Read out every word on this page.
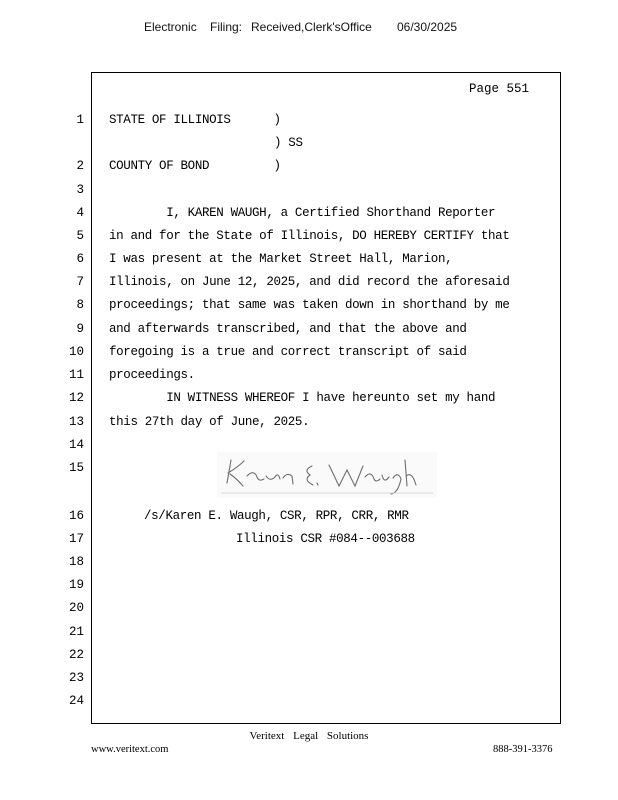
Electronic Filing: Received,Clerk'sOffice 06/30/2025
Page 551
1
2
3
4
5
6
7
8
9
10
11
12
13
14
15
16
17
18
19
20
21
22
23
24
STATE OF ILLINOIS      )
) SS
COUNTY OF BOND         )
I, KAREN WAUGH, a Certified Shorthand Reporter
in and for the State of Illinois, DO HEREBY CERTIFY that
I was present at the Market Street Hall, Marion,
Illinois, on June 12, 2025, and did record the aforesaid
proceedings; that same was taken down in shorthand by me
and afterwards transcribed, and that the above and
foregoing is a true and correct transcript of said
proceedings.
IN WITNESS WHEREOF I have hereunto set my hand
this 27th day of June, 2025.
/s/Karen E. Waugh, CSR, RPR, CRR, RMR
Illinois CSR #084--003688
Veritext Legal Solutions
www.veritext.com	888-391-3376
